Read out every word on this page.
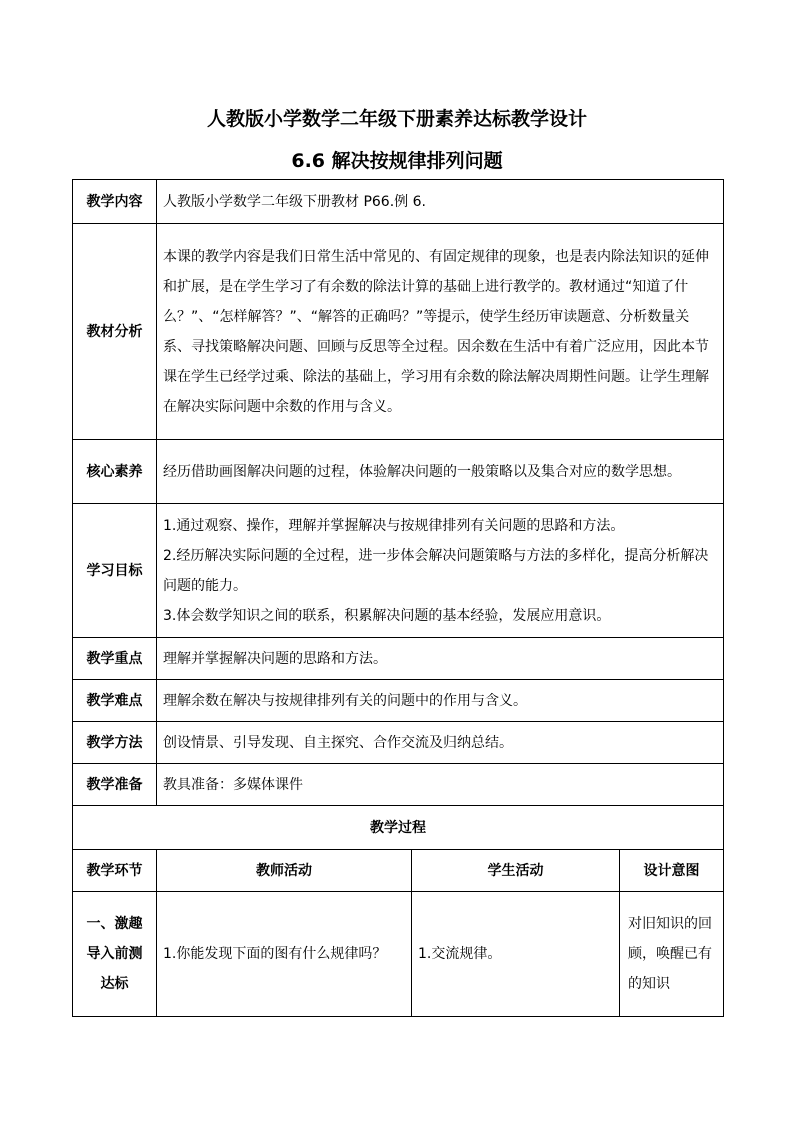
人教版小学数学二年级下册素养达标教学设计
6.6 解决按规律排列问题
教学内容	人教版小学数学二年级下册教材 P66.例 6.		
教材分析	本课的教学内容是我们日常生活中常见的、有固定规律的现象，也是表内除法知识的延伸和扩展，是在学生学习了有余数的除法计算的基础上进行教学的。教材通过“知道了什么？”、“怎样解答？”、“解答的正确吗？”等提示，使学生经历审读题意、分析数量关系、寻找策略解决问题、回顾与反思等全过程。因余数在生活中有着广泛应用，因此本节课在学生已经学过乘、除法的基础上，学习用有余数的除法解决周期性问题。让学生理解在解决实际问题中余数的作用与含义。		
核心素养	经历借助画图解决问题的过程，体验解决问题的一般策略以及集合对应的数学思想。		
学习目标	1.通过观察、操作，理解并掌握解决与按规律排列有关问题的思路和方法。
2.经历解决实际问题的全过程，进一步体会解决问题策略与方法的多样化，提高分析解决问题的能力。
3.体会数学知识之间的联系，积累解决问题的基本经验，发展应用意识。		

教学重点	理解并掌握解决问题的思路和方法。		
教学难点	理解余数在解决与按规律排列有关的问题中的作用与含义。		
教学方法	创设情景、引导发现、自主探究、合作交流及归纳总结。		
教学准备	教具准备：多媒体课件		
教学过程			
教学环节	教师活动	学生活动	设计意图
一、激趣导入前测达标	1.你能发现下面的图有什么规律吗？	1.交流规律。	对旧知识的回顾，唤醒已有的知识
